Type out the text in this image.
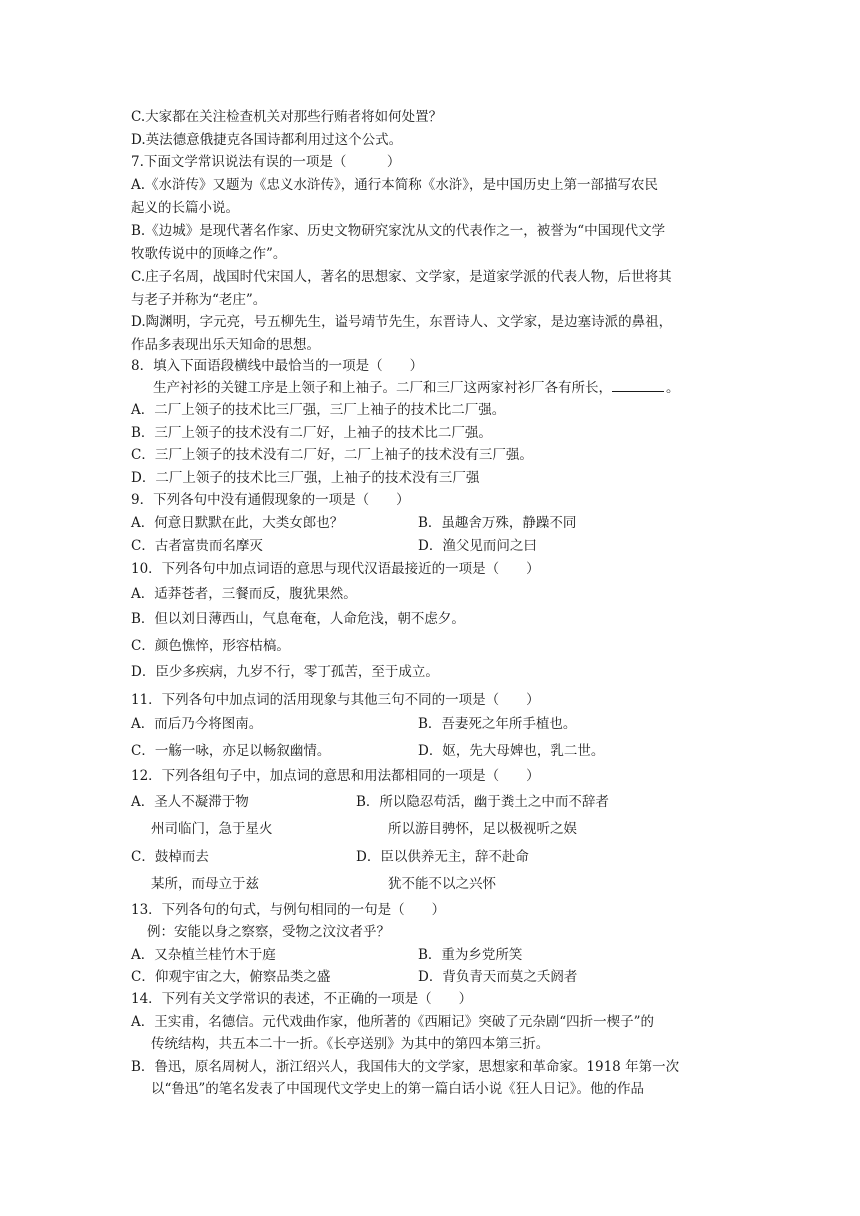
C.大家都在关注检查机关对那些行贿者将如何处置？
D.英法德意俄捷克各国诗都利用过这个公式。
7.下面文学常识说法有误的一项是（　　　）
A.《水浒传》又题为《忠义水浒传》，通行本简称《水浒》，是中国历史上第一部描写农民
起义的长篇小说。
B.《边城》是现代著名作家、历史文物研究家沈从文的代表作之一，被誉为“中国现代文学
牧歌传说中的顶峰之作”。
C.庄子名周，战国时代宋国人，著名的思想家、文学家，是道家学派的代表人物，后世将其
与老子并称为“老庄”。
D.陶渊明，字元亮，号五柳先生，谥号靖节先生，东晋诗人、文学家，是边塞诗派的鼻祖，
作品多表现出乐天知命的思想。
8．填入下面语段横线中最恰当的一项是（　　）
生产衬衫的关键工序是上领子和上袖子。二厂和三厂这两家衬衫厂各有所长，	。
A．二厂上领子的技术比三厂强，三厂上袖子的技术比二厂强。
B．三厂上领子的技术没有二厂好，上袖子的技术比二厂强。
C．三厂上领子的技术没有二厂好，二厂上袖子的技术没有三厂强。
D．二厂上领子的技术比三厂强，上袖子的技术没有三厂强
9．下列各句中没有通假现象的一项是（　　）
A．何意日默默在此，大类女郎也？	B．虽趣舍万殊，静躁不同
C．古者富贵而名摩灭	D．渔父见而问之曰
10．下列各句中加点词语的意思与现代汉语最接近的一项是（　　）
A．适莽苍者，三餐而反，腹犹果然。
B．但以刘日薄西山，气息奄奄，人命危浅，朝不虑夕。
C．颜色憔悴，形容枯槁。
D．臣少多疾病，九岁不行，零丁孤苦，至于成立。
11．下列各句中加点词的活用现象与其他三句不同的一项是（　　）
A．而后乃今将图南。	B．吾妻死之年所手植也。
C．一觞一咏，亦足以畅叙幽情。	D．妪，先大母婢也，乳二世。
12．下列各组句子中，加点词的意思和用法都相同的一项是（　　）
A．圣人不凝滞于物	B．所以隐忍苟活，幽于粪土之中而不辞者
州司临门，急于星火	所以游目骋怀，足以极视听之娱
C．鼓棹而去	D．臣以供养无主，辞不赴命
某所，而母立于兹	犹不能不以之兴怀
13．下列各句的句式，与例句相同的一句是（　　）
例：安能以身之察察，受物之汶汶者乎？
A．又杂植兰桂竹木于庭	B．重为乡党所笑
C．仰观宇宙之大，俯察品类之盛	D．背负青天而莫之夭阏者
14．下列有关文学常识的表述，不正确的一项是（　　）
A．王实甫，名德信。元代戏曲作家，他所著的《西厢记》突破了元杂剧“四折一楔子”的
传统结构，共五本二十一折。《长亭送别》为其中的第四本第三折。
B．鲁迅，原名周树人，浙江绍兴人，我国伟大的文学家，思想家和革命家。1918 年第一次
以“鲁迅”的笔名发表了中国现代文学史上的第一篇白话小说《狂人日记》。他的作品
